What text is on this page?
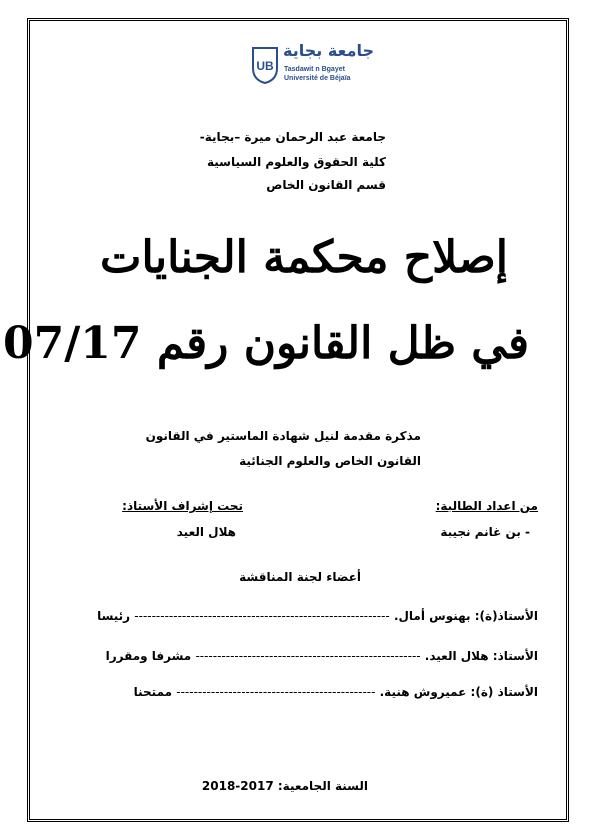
UB
جامعة بجاية
Tasdawit n Bgayet
Université de Béjaïa
جامعة عبد الرحمان ميرة –بجاية-
كلية الحقوق والعلوم السياسية
قسم القانون الخاص
إصلاح محكمة الجنايات
في ظل القانون رقم 07/17
مذكرة مقدمة لنيل شهادة الماستير في القانون
القانون الخاص والعلوم الجنائية
من اعداد الطالبة:
- بن غانم نجيبة
تحت إشراف الأستاذ:
هلال العيد
أعضاء لجنة المناقشة
الأستاذ(ة): بهنوس أمال. ----------------------------------------------------------- رئيسا
الأستاذ: هلال العيد. ---------------------------------------------------- مشرفا ومقررا
الأستاذ (ة): عميروش هنية. ---------------------------------------------- ممتحنا
السنة الجامعية: 2017-2018
